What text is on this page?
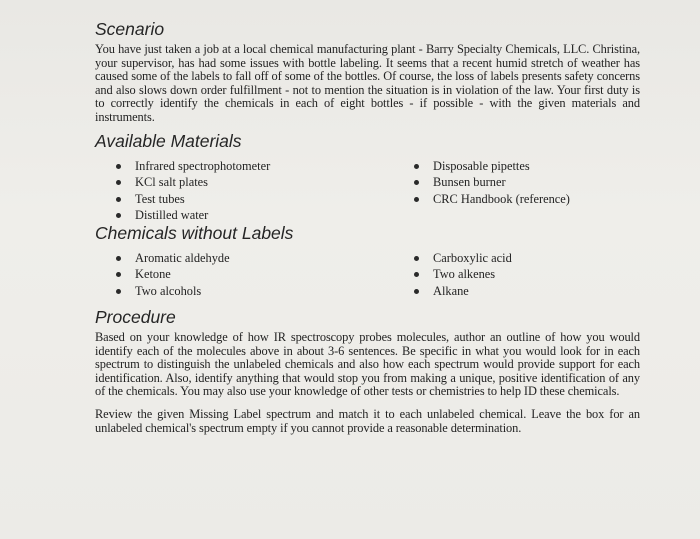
Scenario

You have just taken a job at a local chemical manufacturing plant - Barry Specialty Chemicals, LLC. Christina, your supervisor, has had some issues with bottle labeling. It seems that a recent humid stretch of weather has caused some of the labels to fall off of some of the bottles. Of course, the loss of labels presents safety concerns and also slows down order fulfillment - not to mention the situation is in violation of the law. Your first duty is to correctly identify the chemicals in each of eight bottles - if possible - with the given materials and instruments.

Available Materials
Infrared spectrophotometer
KCl salt plates
Test tubes
Distilled water
Disposable pipettes
Bunsen burner
CRC Handbook (reference)
Chemicals without Labels
Aromatic aldehyde
Ketone
Two alcohols
Carboxylic acid
Two alkenes
Alkane
Procedure

Based on your knowledge of how IR spectroscopy probes molecules, author an outline of how you would identify each of the molecules above in about 3-6 sentences. Be specific in what you would look for in each spectrum to distinguish the unlabeled chemicals and also how each spectrum would provide support for each identification. Also, identify anything that would stop you from making a unique, positive identification of any of the chemicals. You may also use your knowledge of other tests or chemistries to help ID these chemicals.

Review the given Missing Label spectrum and match it to each unlabeled chemical. Leave the box for an unlabeled chemical's spectrum empty if you cannot provide a reasonable determination.
